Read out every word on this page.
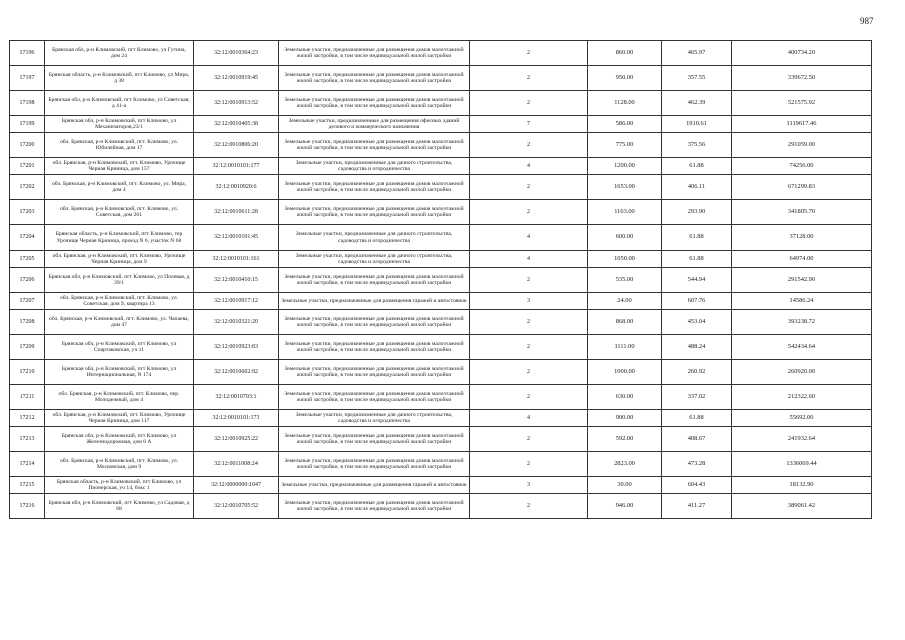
987
17196	Брянская обл, р-н Климовский, пгт Климово, ул Гутина, дом 24	32:12:0010304:23	Земельные участки, предназначенные для размещения домов малоэтажной жилой застройки, в том числе индивидуальной жилой застройки	2	860.00	465.97	400734.20
17197	Брянская область, р-н Климовский, пгт Климово, ул Мира, д 38	32:12:0010919:45	Земельные участки, предназначенные для размещения домов малоэтажной жилой застройки, в том числе индивидуальной жилой застройки	2	950.00	357.55	339672.50
17198	Брянская обл, р-н Климовский, пгт Климово, ул Советская, д 41-а	32:12:0010913:52	Земельные участки, предназначенные для размещения домов малоэтажной жилой застройки, в том числе индивидуальной жилой застройки	2	1128.00	462.39	521575.92
17199	Брянская обл, р-н Климовский, пгт Климово, ул Механизаторов,23/1	32:12:0010405:38	Земельные участки, предназначенные для размещения офисных зданий делового и коммерческого назначения	7	586.00	1910.61	1119617.46
17200	обл. Брянская, р-н Климовский, пгт. Климово, ул. Юбилейная, дом 17	32:12:0010806:20	Земельные участки, предназначенные для размещения домов малоэтажной жилой застройки, в том числе индивидуальной жилой застройки	2	775.00	375.56	291059.00
17201	обл. Брянская, р-н Климовский, пгт. Климово, Урочище Черная Криница, дом 157	32:12:0010101:177	Земельные участки, предназначенные для дачного строительства, садоводства и огородничества	4	1200.00	61.88	74256.00
17202	обл. Брянская, р-н Климовский, пгт. Климово, ул. Мира, дом 4	32:12:0010920:6	Земельные участки, предназначенные для размещения домов малоэтажной жилой застройки, в том числе индивидуальной жилой застройки	2	1653.00	406.11	671299.83
17203	обл. Брянская, р-н Климовский, пгт. Климово, ул. Советская, дом 201	32:12:0010611:28	Земельные участки, предназначенные для размещения домов малоэтажной жилой застройки, в том числе индивидуальной жилой застройки	2	1163.00	293.90	341805.70
17204	Брянская область, р-н Климовский, пгт Климово, тер Урочище Черная Криница, проезд N 6, участок N 68	32:12:0010101:45	Земельные участки, предназначенные для дачного строительства, садоводства и огородничества	4	600.00	61.88	37128.00
17205	обл. Брянская, р-н Климовский, пгт. Климово, Урочище Черная Криница, дом 9	32:12:0010101:161	Земельные участки, предназначенные для дачного строительства, садоводства и огородничества	4	1050.00	61.88	64974.00
17206	Брянская обл, р-н Климовский, пгт Климово, ул Полевая, д 39/1	32:12:0010410:15	Земельные участки, предназначенные для размещения домов малоэтажной жилой застройки, в том числе индивидуальной жилой застройки	2	535.00	544.94	291542.90
17207	обл. Брянская, р-н Климовский, пгт. Климово, ул. Советская, дом 9, квартира 13	32:12:0010917:12	Земельные участки, предназначенные для размещения гаражей и автостоянок	3	24.00	607.76	14586.24
17208	обл. Брянская, р-н Климовский, пгт. Климово, ул. Чапаева, дом 47	32:12:0010321:20	Земельные участки, предназначенные для размещения домов малоэтажной жилой застройки, в том числе индивидуальной жилой застройки	2	868.00	453.04	393238.72
17209	Брянская обл, р-н Климовский, пгт Климово, ул Спартаковская, уч 11	32:12:0010923:83	Земельные участки, предназначенные для размещения домов малоэтажной жилой застройки, в том числе индивидуальной жилой застройки	2	1111.00	488.24	542434.64
17210	Брянская обл, р-н Климовский, пгт Климово, ул Интернациональная, N 174	32:12:0010602:92	Земельные участки, предназначенные для размещения домов малоэтажной жилой застройки, в том числе индивидуальной жилой застройки	2	1000.00	260.92	260920.00
17211	обл. Брянская, р-н Климовский, пгт. Климово, пер. Молодежный, дом 4	32:12:0010703:1	Земельные участки, предназначенные для размещения домов малоэтажной жилой застройки, в том числе индивидуальной жилой застройки	2	630.00	337.02	212322.60
17212	обл. Брянская, р-н Климовский, пгт. Климово, Урочище Черная Криница, дом 117	32:12:0010101:173	Земельные участки, предназначенные для дачного строительства, садоводства и огородничества	4	900.00	61.88	55692.00
17213	Брянская обл, р-н Климовский, пгт Климово, ул Железнодорожная, дом 6 А	32:12:0010925:22	Земельные участки, предназначенные для размещения домов малоэтажной жилой застройки, в том числе индивидуальной жилой застройки	2	592.00	408.67	241932.64
17214	обл. Брянская, р-н Климовский, пгт. Климово, ул. Московская, дом 9	32:12:0011008:24	Земельные участки, предназначенные для размещения домов малоэтажной жилой застройки, в том числе индивидуальной жилой застройки	2	2823.00	473.28	1336069.44
17215	Брянская область, р-н Климовский, пгт Климово, ул Пионерская, уч 14, бокс 1	32:12:0000000:1047	Земельные участки, предназначенные для размещения гаражей и автостоянок	3	30.00	604.43	18132.90
17216	Брянская обл, р-н Климовский, пгт Климово, ул Садовая, д 68	32:12:0010705:52	Земельные участки, предназначенные для размещения домов малоэтажной жилой застройки, в том числе индивидуальной жилой застройки	2	946.00	411.27	389061.42
